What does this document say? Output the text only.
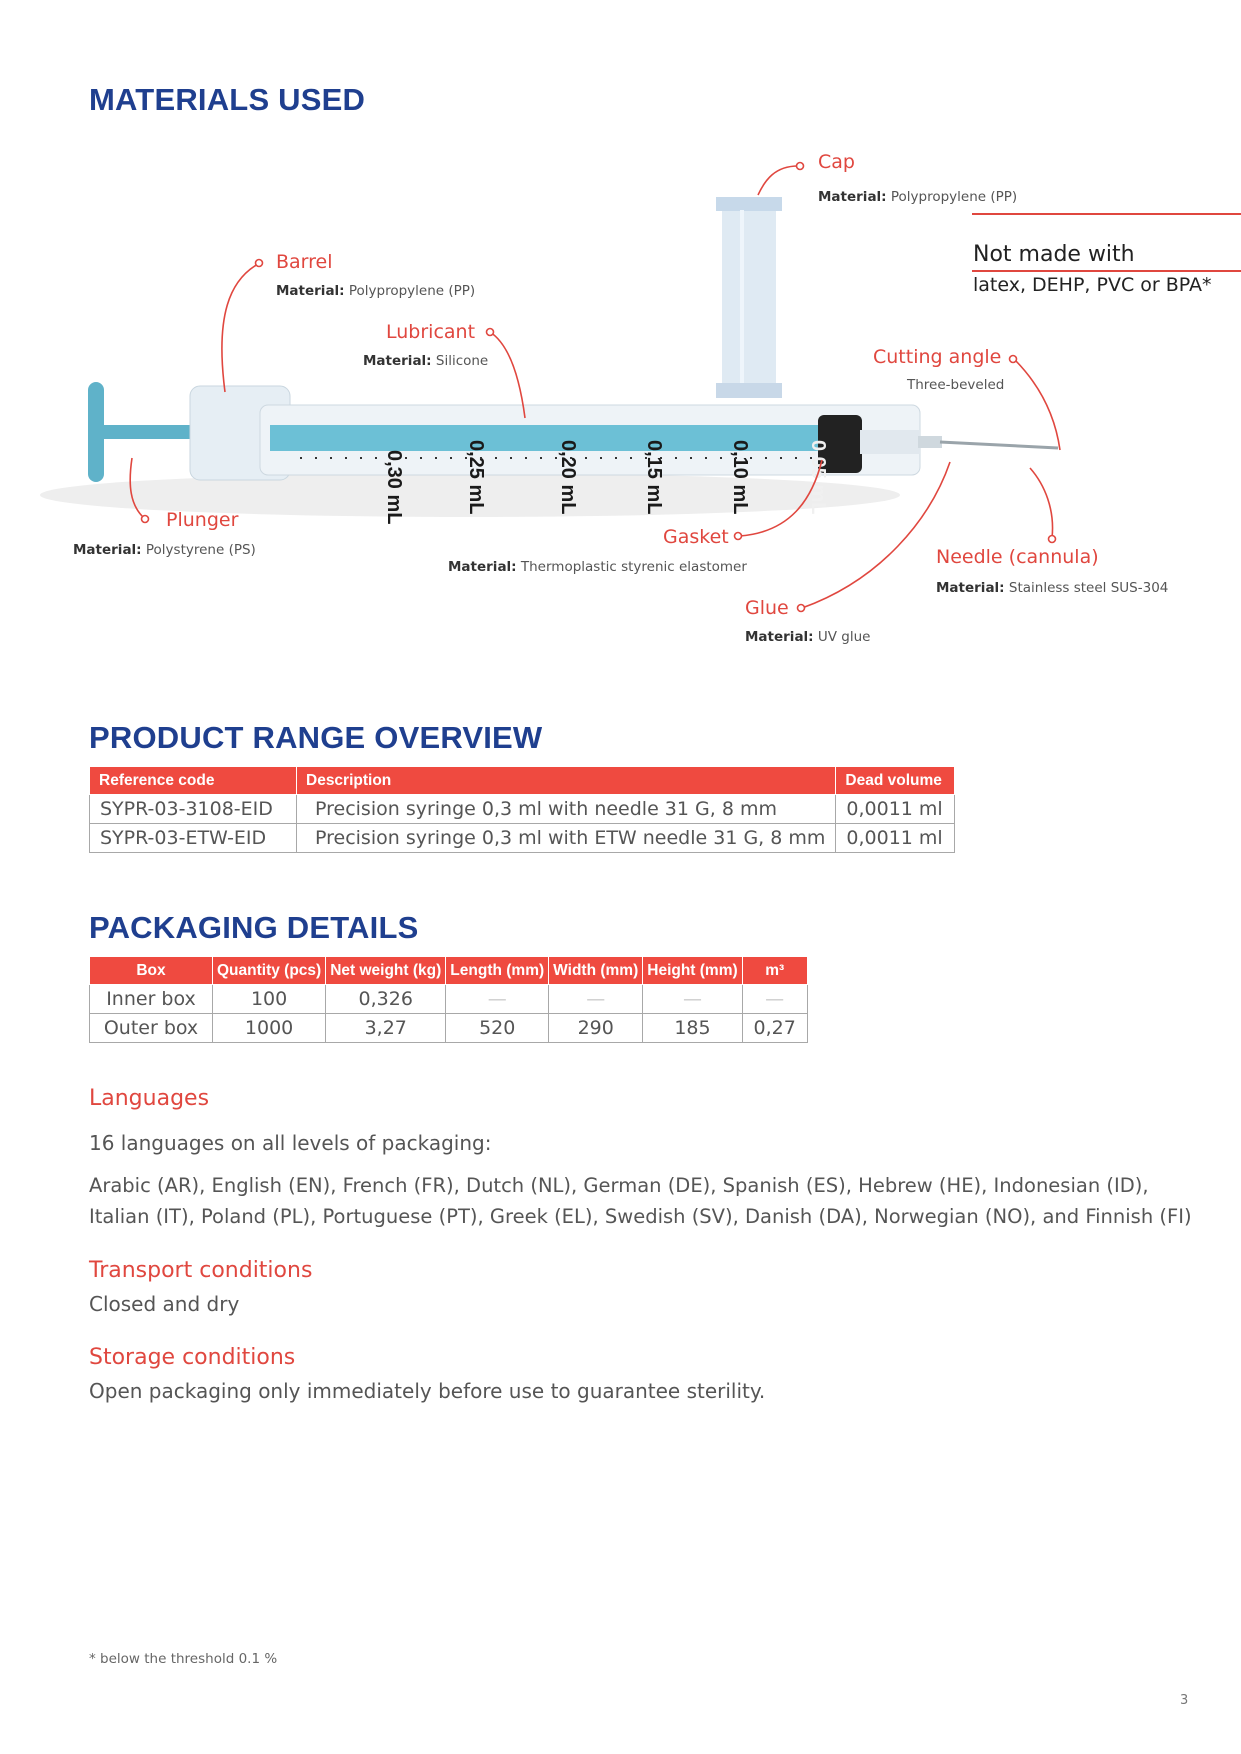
MATERIALS USED
0,30 mL	0,25 mL	0,20 mL	0,15 mL	0,10 mL	0,05 mL
Cap
Material: Polypropylene (PP)
Barrel
Material: Polypropylene (PP)
Lubricant
Material: Silicone	Cutting angle
Three-beveled
Not made with
latex, DEHP, PVC or BPA*
Plunger
Material: Polystyrene (PS)
Gasket
Material: Thermoplastic styrenic elastomer	Needle (cannula)
Material: Stainless steel SUS-304
Glue
Material: UV glue
PRODUCT RANGE OVERVIEW
Reference code	Description	Dead volume
SYPR-03-3108-EID	Precision syringe 0,3 ml with needle 31 G, 8 mm	0,0011 ml
SYPR-03-ETW-EID	Precision syringe 0,3 ml with ETW needle 31 G, 8 mm	0,0011 ml
PACKAGING DETAILS
Box	Quantity (pcs)	Net weight (kg)	Length (mm)	Width (mm)	Height (mm)	m³
Inner box	100	0,326	—	—	—	—
Outer box	1000	3,27	520	290	185	0,27
Languages
16 languages on all levels of packaging:
Arabic (AR), English (EN), French (FR), Dutch (NL), German (DE), Spanish (ES), Hebrew (HE), Indonesian (ID),
Italian (IT), Poland (PL), Portuguese (PT), Greek (EL), Swedish (SV), Danish (DA), Norwegian (NO), and Finnish (FI)
Transport conditions
Closed and dry
Storage conditions
Open packaging only immediately before use to guarantee sterility.
* below the threshold 0.1 %
3
